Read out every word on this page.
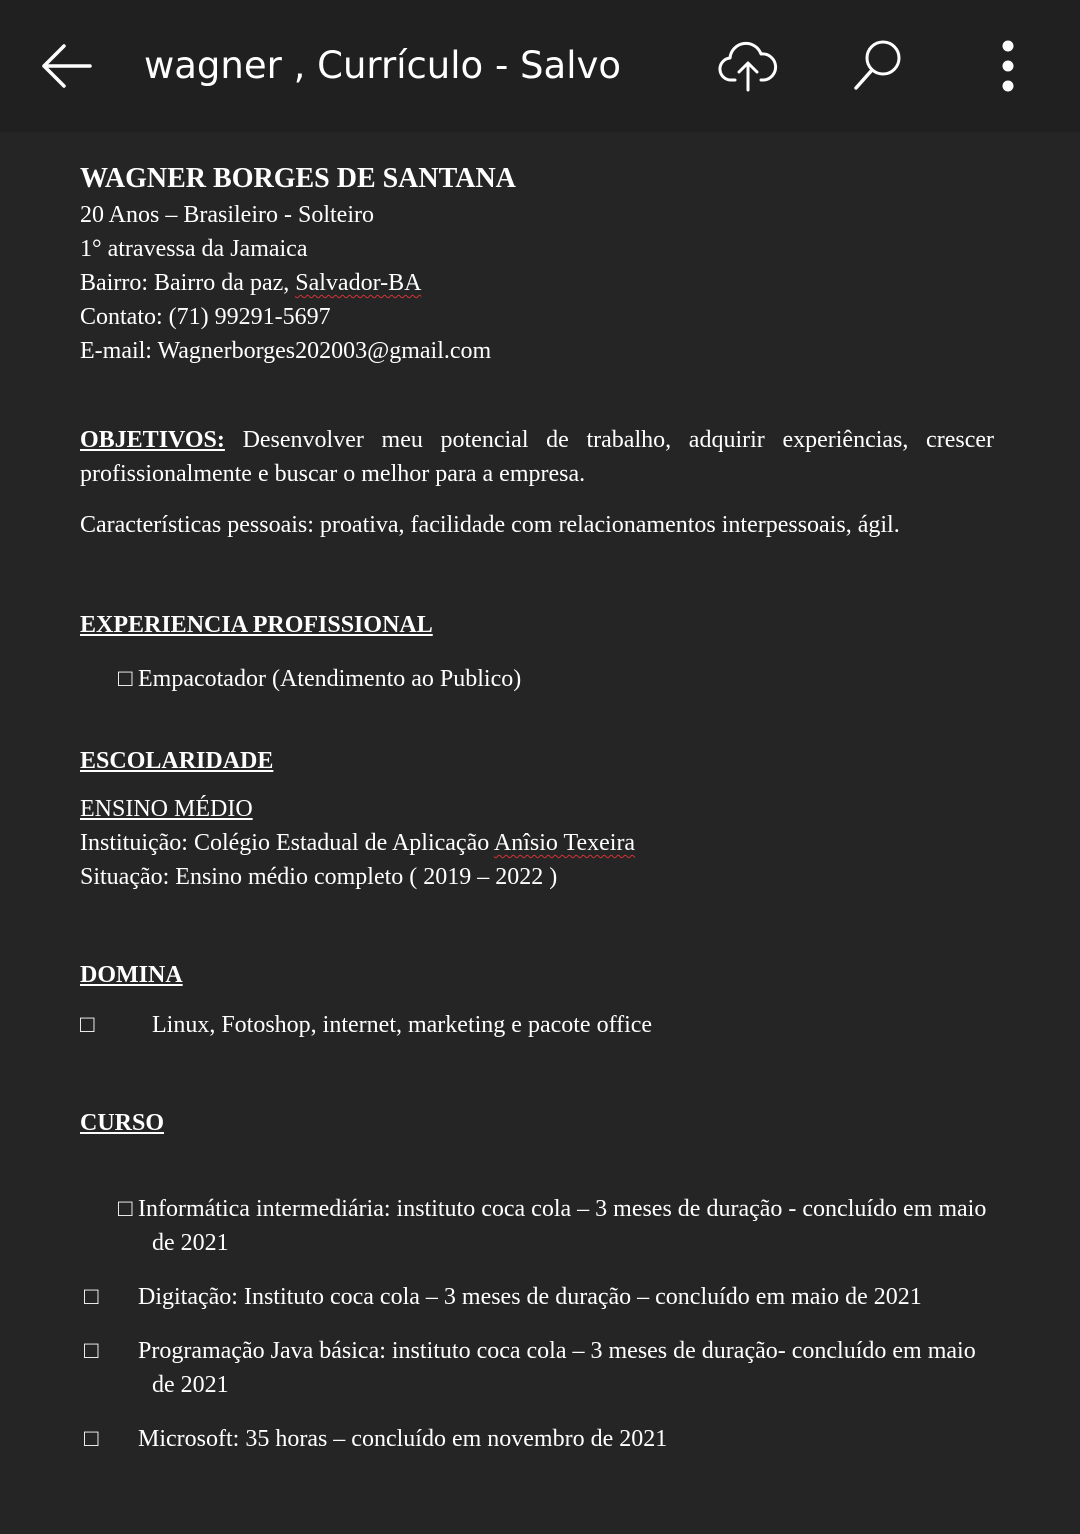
wagner , Currículo - Salvo

WAGNER BORGES DE SANTANA

20 Anos – Brasileiro - Solteiro

1° atravessa da Jamaica

Bairro: Bairro da paz, Salvador-BA

Contato: (71) 99291-5697

E-mail: Wagnerborges202003@gmail.com

OBJETIVOS: Desenvolver meu potencial de trabalho, adquirir experiências, crescer profissionalmente e buscar o melhor para a empresa.

Características pessoais: proativa, facilidade com relacionamentos interpessoais, ágil.

EXPERIENCIA PROFISSIONAL

□ Empacotador (Atendimento ao Publico)

ESCOLARIDADE

ENSINO MÉDIO

Instituição: Colégio Estadual de Aplicação Anîsio Texeira

Situação: Ensino médio completo ( 2019 – 2022 )

DOMINA

□ Linux, Fotoshop, internet, marketing e pacote office

CURSO

□ Informática intermediária: instituto coca cola – 3 meses de duração - concluído em maio de 2021

□ Digitação: Instituto coca cola – 3 meses de duração – concluído em maio de 2021

□ Programação Java básica: instituto coca cola – 3 meses de duração- concluído em maio de 2021

□ Microsoft: 35 horas – concluído em novembro de 2021
